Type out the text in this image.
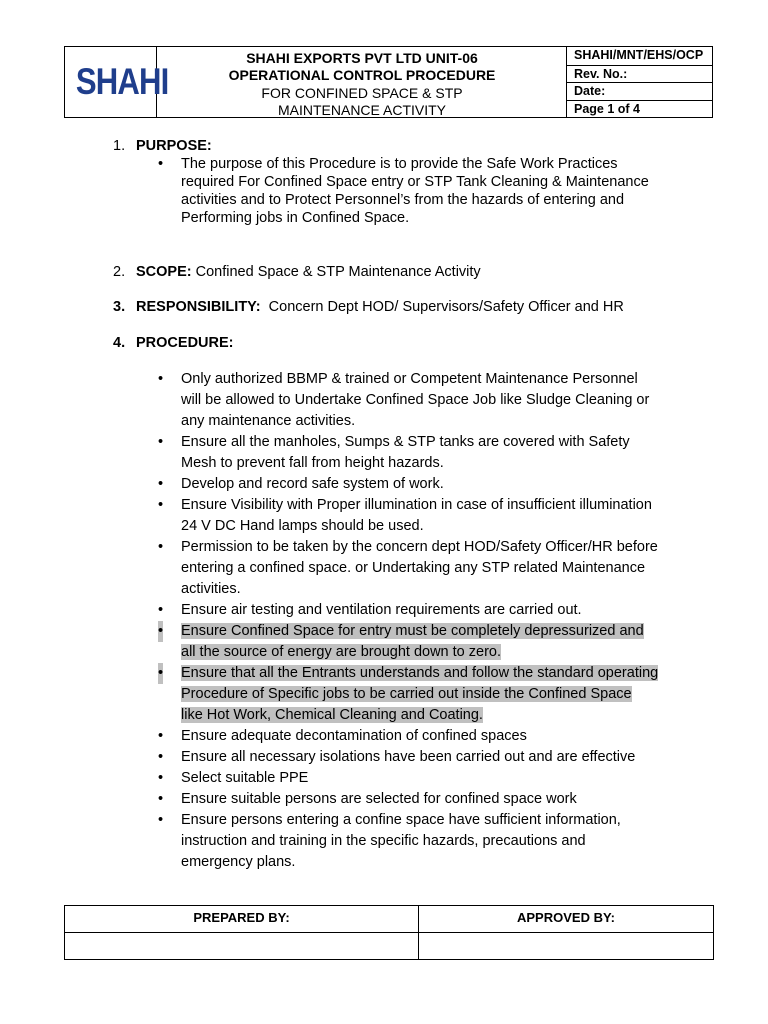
SHAHI
SHAHI EXPORTS PVT LTD UNIT-06
OPERATIONAL CONTROL PROCEDURE
FOR CONFINED SPACE & STP
MAINTENANCE ACTIVITY
SHAHI/MNT/EHS/OCP
Rev. No.:
Date:
Page 1 of 4
1. PURPOSE:
• The purpose of this Procedure is to provide the Safe Work Practices
required For Confined Space entry or STP Tank Cleaning & Maintenance
activities and to Protect Personnel’s from the hazards of entering and
Performing jobs in Confined Space.
2. SCOPE: Confined Space & STP Maintenance Activity
3. RESPONSIBILITY:  Concern Dept HOD/ Supervisors/Safety Officer and HR
4. PROCEDURE:
• Only authorized BBMP & trained or Competent Maintenance Personnel
will be allowed to Undertake Confined Space Job like Sludge Cleaning or
any maintenance activities.
• Ensure all the manholes, Sumps & STP tanks are covered with Safety
Mesh to prevent fall from height hazards.
• Develop and record safe system of work.
• Ensure Visibility with Proper illumination in case of insufficient illumination
24 V DC Hand lamps should be used.
• Permission to be taken by the concern dept HOD/Safety Officer/HR before
entering a confined space. or Undertaking any STP related Maintenance
activities.
• Ensure air testing and ventilation requirements are carried out.
• Ensure Confined Space for entry must be completely depressurized and
all the source of energy are brought down to zero.
• Ensure that all the Entrants understands and follow the standard operating
Procedure of Specific jobs to be carried out inside the Confined Space
like Hot Work, Chemical Cleaning and Coating.
• Ensure adequate decontamination of confined spaces
• Ensure all necessary isolations have been carried out and are effective
• Select suitable PPE
• Ensure suitable persons are selected for confined space work
• Ensure persons entering a confine space have sufficient information,
instruction and training in the specific hazards, precautions and
emergency plans.
PREPARED BY:	APPROVED BY:
